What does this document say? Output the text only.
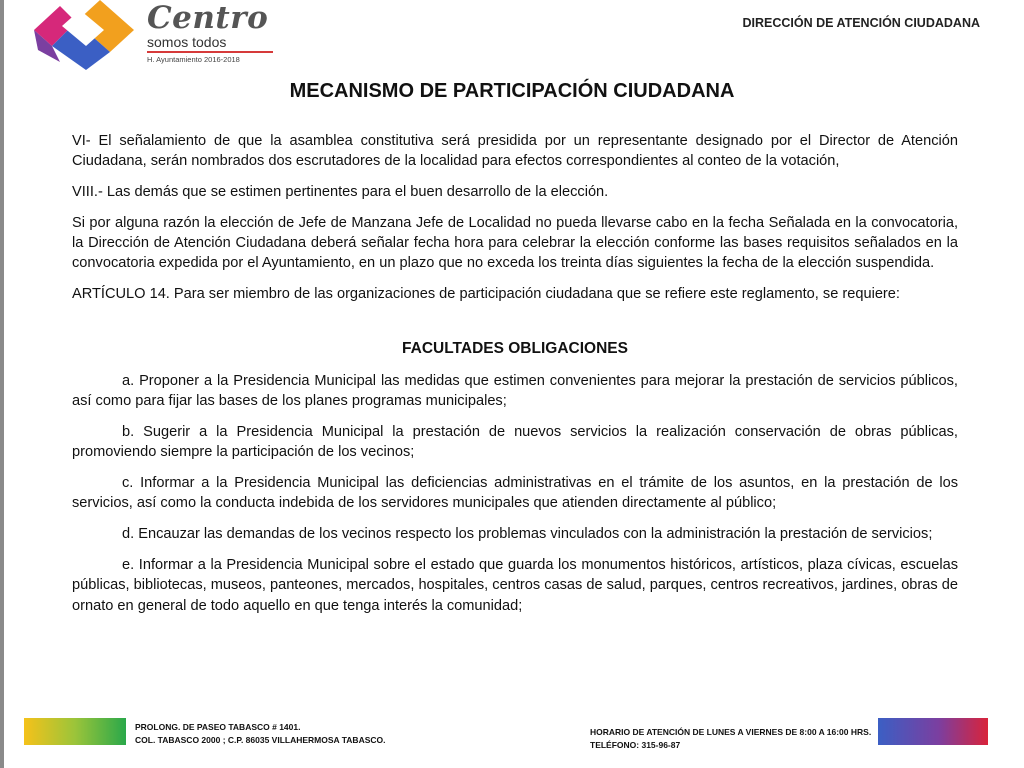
Centro
somos todos
H. Ayuntamiento 2016-2018
DIRECCIÓN DE ATENCIÓN CIUDADANA
MECANISMO DE PARTICIPACIÓN CIUDADANA

VI- El señalamiento de que la asamblea constitutiva será presidida por un representante designado por el Director de Atención Ciudadana, serán nombrados dos escrutadores de la localidad para efectos correspondientes al conteo de la votación,

VIII.- Las demás que se estimen pertinentes para el buen desarrollo de la elección.

Si por alguna razón la elección de Jefe de Manzana Jefe de Localidad no pueda llevarse cabo en la fecha Señalada en la convocatoria, la Dirección de Atención Ciudadana deberá señalar fecha hora para celebrar la elección conforme las bases requisitos señalados en la convocatoria expedida por el Ayuntamiento, en un plazo que no exceda los treinta días siguientes la fecha de la elección suspendida.

ARTÍCULO 14. Para ser miembro de las organizaciones de participación ciudadana que se refiere este reglamento, se requiere:

FACULTADES OBLIGACIONES

a. Proponer a la Presidencia Municipal las medidas que estimen convenientes para mejorar la prestación de servicios públicos, así como para fijar las bases de los planes programas municipales;

b. Sugerir a la Presidencia Municipal la prestación de nuevos servicios la realización conservación de obras públicas, promoviendo siempre la participación de los vecinos;

c. Informar a la Presidencia Municipal las deficiencias administrativas en el trámite de los asuntos, en la prestación de los servicios, así como la conducta indebida de los servidores municipales que atienden directamente al público;

d. Encauzar las demandas de los vecinos respecto los problemas vinculados con la administración la prestación de servicios;

e. Informar a la Presidencia Municipal sobre el estado que guarda los monumentos históricos, artísticos, plaza cívicas, escuelas públicas, bibliotecas, museos, panteones, mercados, hospitales, centros casas de salud, parques, centros recreativos, jardines, obras de ornato en general de todo aquello en que tenga interés la comunidad;

PROLONG. DE PASEO TABASCO # 1401.
COL. TABASCO 2000 ; C.P. 86035 VILLAHERMOSA TABASCO.
HORARIO DE ATENCIÓN DE LUNES A VIERNES DE 8:00 A 16:00 HRS.
TELÉFONO: 315-96-87
